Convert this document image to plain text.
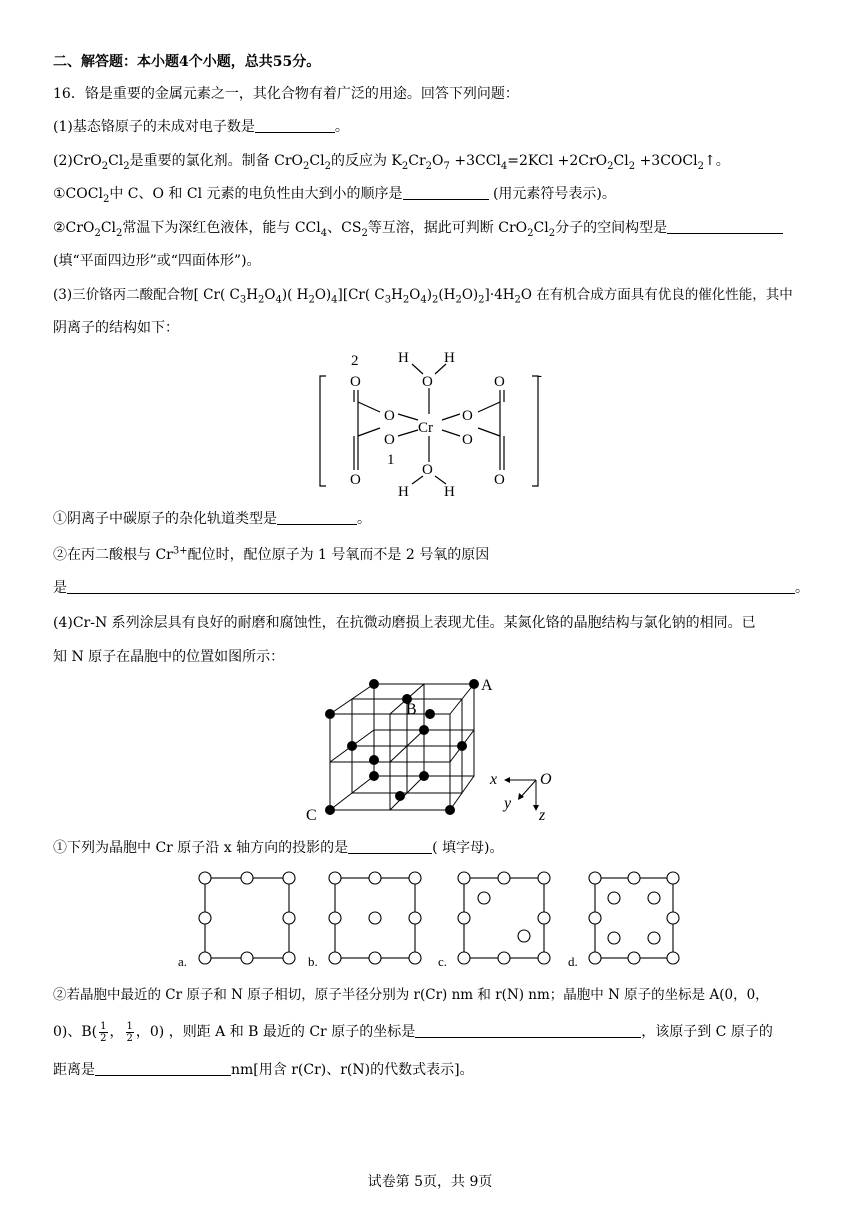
二、解答题：本小题4个小题，总共55分。
16．铬是重要的金属元素之一，其化合物有着广泛的用途。回答下列问题：
(1)基态铬原子的未成对电子数是	。
$(2)CrO_2Cl_2$是重要的氯化剂。制备 $CrO_2Cl_2$的反应为 $K_2Cr_2O_7 +3CCl_4=2KCl +2CrO_2Cl_2$ +3COCl$_2$↑。
①COCl$_2$中 C、O 和 Cl 元素的电负性由大到小的顺序是	(用元素符号表示)。
$②CrO_2Cl_2$常温下为深红色液体，能与 CCl$_4$、$CS_2$等互溶，据此可判断 $CrO_2Cl_2$分子的空间构型是
(填“平面四边形”或“四面体形”)。
(3)三价铬丙二酸配合物[ Cr( $C_3H_2O_4$)( $H_2O)_4][Cr$( $C_3H_2O_4)_2(H_2O)_2]\cdot 4H_2O$ 在有机合成方面具有优良的催化性能，其中
阴离子的结构如下：
2
O
O
O
1
O
Cr
O
O
H H
H H
O
O
O
O
-
①阴离子中碳原子的杂化轨道类型是	。
②在丙二酸根与 $Cr^{3+}$配位时，配位原子为 1 号氧而不是 2 号氧的原因
是	。
(4)Cr-N 系列涂层具有良好的耐磨和腐蚀性，在抗微动磨损上表现尤佳。某氮化铬的晶胞结构与氯化钠的相同。已
知 N 原子在晶胞中的位置如图所示：
A
B
C
O
x
y
z
①下列为晶胞中 Cr 原子沿 x 轴方向的投影的是	( 填字母)。
a.	b.	c.	d.
②若晶胞中最近的 Cr 原子和 N 原子相切，原子半径分别为 r(Cr) nm 和 r(N) nm；晶胞中 N 原子的坐标是 A(0，0，
0)、$B( \frac{1}{2}$ ， $\frac{1}{2}$ ，0) ，则距 A 和 B 最近的 Cr 原子的坐标是	，该原子到 C 原子的
距离是	nm[用含 r(Cr)、r(N)的代数式表示]。
试卷第 5页，共 9页
